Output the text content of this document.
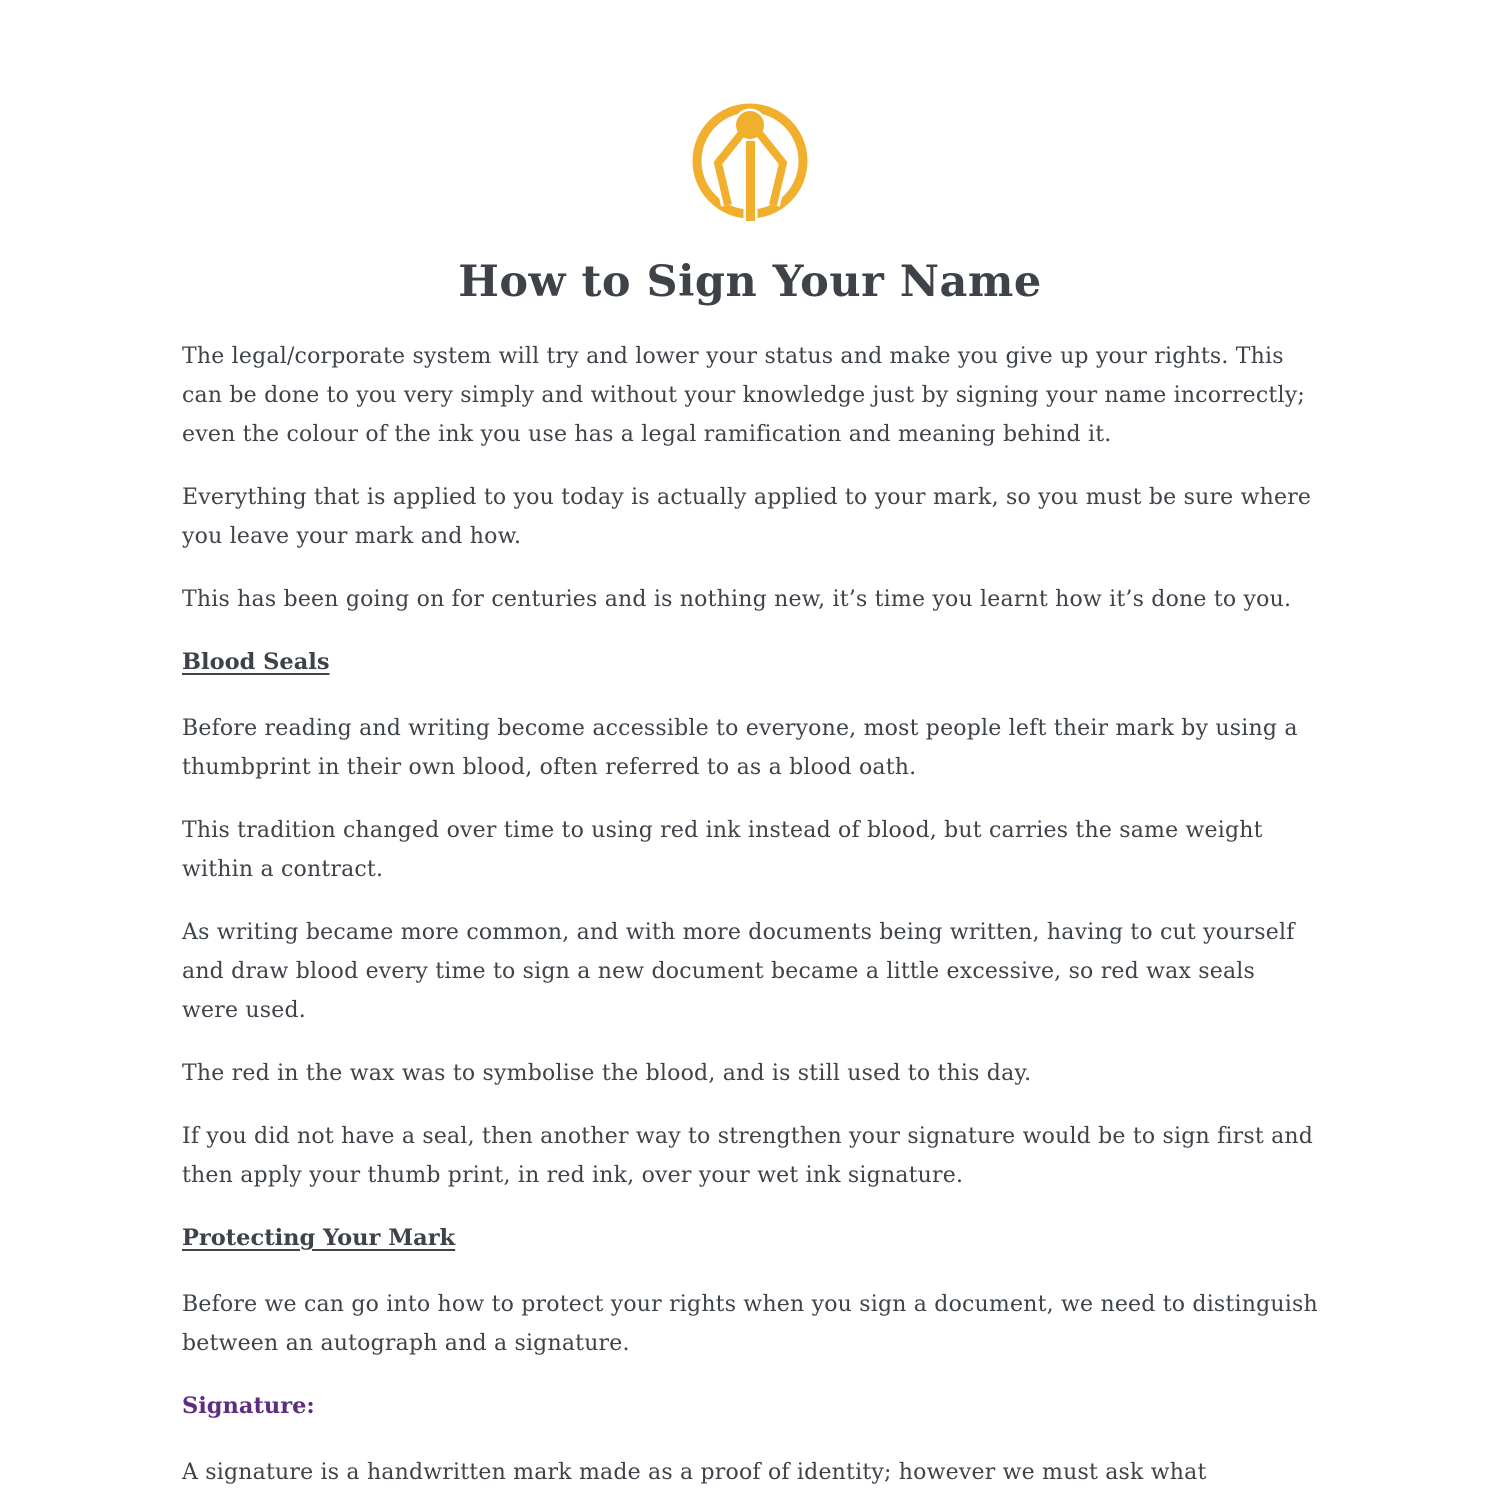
How to Sign Your Name

The legal/corporate system will try and lower your status and make you give up your rights. This can be done to you very simply and without your knowledge just by signing your name incorrectly; even the colour of the ink you use has a legal ramification and meaning behind it.

Everything that is applied to you today is actually applied to your mark, so you must be sure where you leave your mark and how.

This has been going on for centuries and is nothing new, it’s time you learnt how it’s done to you.

Blood Seals

Before reading and writing become accessible to everyone, most people left their mark by using a thumbprint in their own blood, often referred to as a blood oath.

This tradition changed over time to using red ink instead of blood, but carries the same weight within a contract.

As writing became more common, and with more documents being written, having to cut yourself and draw blood every time to sign a new document became a little excessive, so red wax seals were used.

The red in the wax was to symbolise the blood, and is still used to this day.

If you did not have a seal, then another way to strengthen your signature would be to sign first and then apply your thumb print, in red ink, over your wet ink signature.

Protecting Your Mark

Before we can go into how to protect your rights when you sign a document, we need to distinguish between an autograph and a signature.

Signature:

A signature is a handwritten mark made as a proof of identity; however we must ask what
